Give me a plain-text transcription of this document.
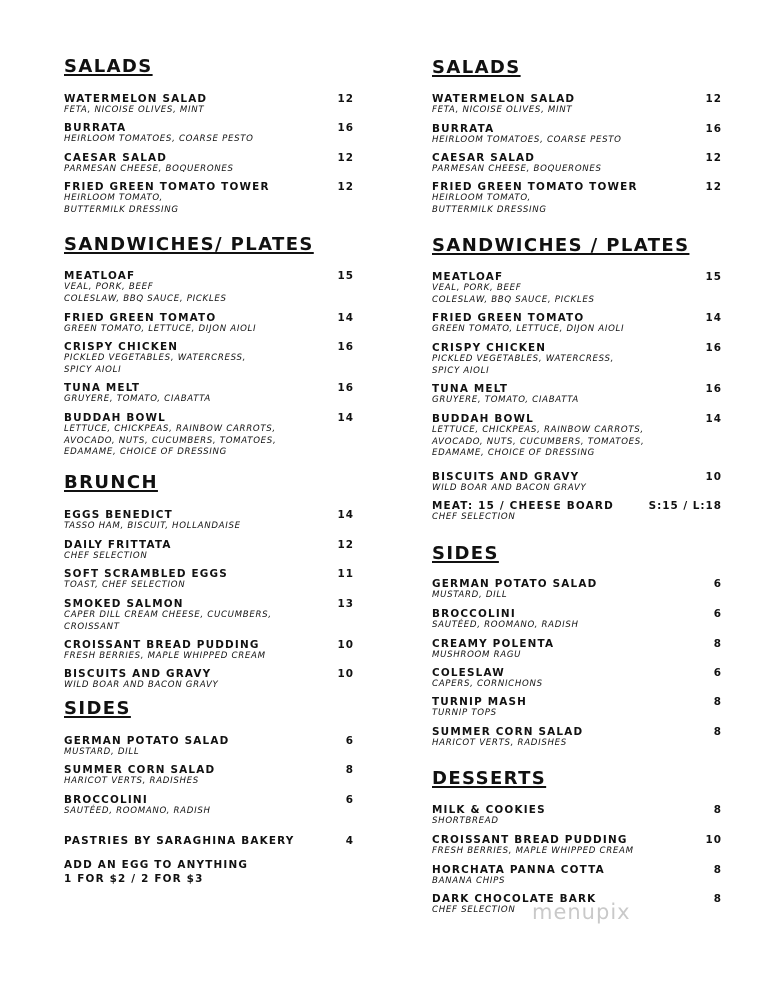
SALADS
WATERMELON SALAD
FETA, NICOISE OLIVES, MINT
12
BURRATA
HEIRLOOM TOMATOES, COARSE PESTO
16
CAESAR SALAD
PARMESAN CHEESE, BOQUERONES
12
FRIED GREEN TOMATO TOWER
HEIRLOOM TOMATO,
BUTTERMILK DRESSING
12
SANDWICHES/ PLATES
MEATLOAF
VEAL, PORK, BEEF
COLESLAW, BBQ SAUCE, PICKLES
15
FRIED GREEN TOMATO
GREEN TOMATO, LETTUCE, DIJON AIOLI
14
CRISPY CHICKEN
PICKLED VEGETABLES, WATERCRESS,
SPICY AIOLI
16
TUNA MELT
GRUYERE, TOMATO, CIABATTA
16
BUDDAH BOWL
LETTUCE, CHICKPEAS, RAINBOW CARROTS,
AVOCADO, NUTS, CUCUMBERS, TOMATOES,
EDAMAME, CHOICE OF DRESSING
14
BRUNCH
EGGS BENEDICT
TASSO HAM, BISCUIT, HOLLANDAISE
14
DAILY FRITTATA
CHEF SELECTION
12
SOFT SCRAMBLED EGGS
TOAST, CHEF SELECTION
11
SMOKED SALMON
CAPER DILL CREAM CHEESE, CUCUMBERS,
CROISSANT
13
CROISSANT BREAD PUDDING
FRESH BERRIES, MAPLE WHIPPED CREAM
10
BISCUITS AND GRAVY
WILD BOAR AND BACON GRAVY
10
SIDES
GERMAN POTATO SALAD
MUSTARD, DILL
6
SUMMER CORN SALAD
HARICOT VERTS, RADISHES
8
BROCCOLINI
SAUTÉED, ROOMANO, RADISH
6
PASTRIES BY SARAGHINA BAKERY	4
ADD AN EGG TO ANYTHING
1 FOR $2 / 2 FOR $3
SALADS
WATERMELON SALAD
FETA, NICOISE OLIVES, MINT
12
BURRATA
HEIRLOOM TOMATOES, COARSE PESTO
16
CAESAR SALAD
PARMESAN CHEESE, BOQUERONES
12
FRIED GREEN TOMATO TOWER
HEIRLOOM TOMATO,
BUTTERMILK DRESSING
12
SANDWICHES / PLATES
MEATLOAF
VEAL, PORK, BEEF
COLESLAW, BBQ SAUCE, PICKLES
15
FRIED GREEN TOMATO
GREEN TOMATO, LETTUCE, DIJON AIOLI
14
CRISPY CHICKEN
PICKLED VEGETABLES, WATERCRESS,
SPICY AIOLI
16
TUNA MELT
GRUYERE, TOMATO, CIABATTA
16
BUDDAH BOWL
LETTUCE, CHICKPEAS, RAINBOW CARROTS,
AVOCADO, NUTS, CUCUMBERS, TOMATOES,
EDAMAME, CHOICE OF DRESSING
14
BISCUITS AND GRAVY
WILD BOAR AND BACON GRAVY
10
MEAT: 15 / CHEESE BOARD
CHEF SELECTION
S:15 / L:18
SIDES
GERMAN POTATO SALAD
MUSTARD, DILL
6
BROCCOLINI
SAUTÉED, ROOMANO, RADISH
6
CREAMY POLENTA
MUSHROOM RAGU
8
COLESLAW
CAPERS, CORNICHONS
6
TURNIP MASH
TURNIP TOPS
8
SUMMER CORN SALAD
HARICOT VERTS, RADISHES
8
DESSERTS
MILK & COOKIES
SHORTBREAD
8
CROISSANT BREAD PUDDING
FRESH BERRIES, MAPLE WHIPPED CREAM
10
HORCHATA PANNA COTTA
BANANA CHIPS
8
DARK CHOCOLATE BARK
CHEF SELECTION
8
menupix
